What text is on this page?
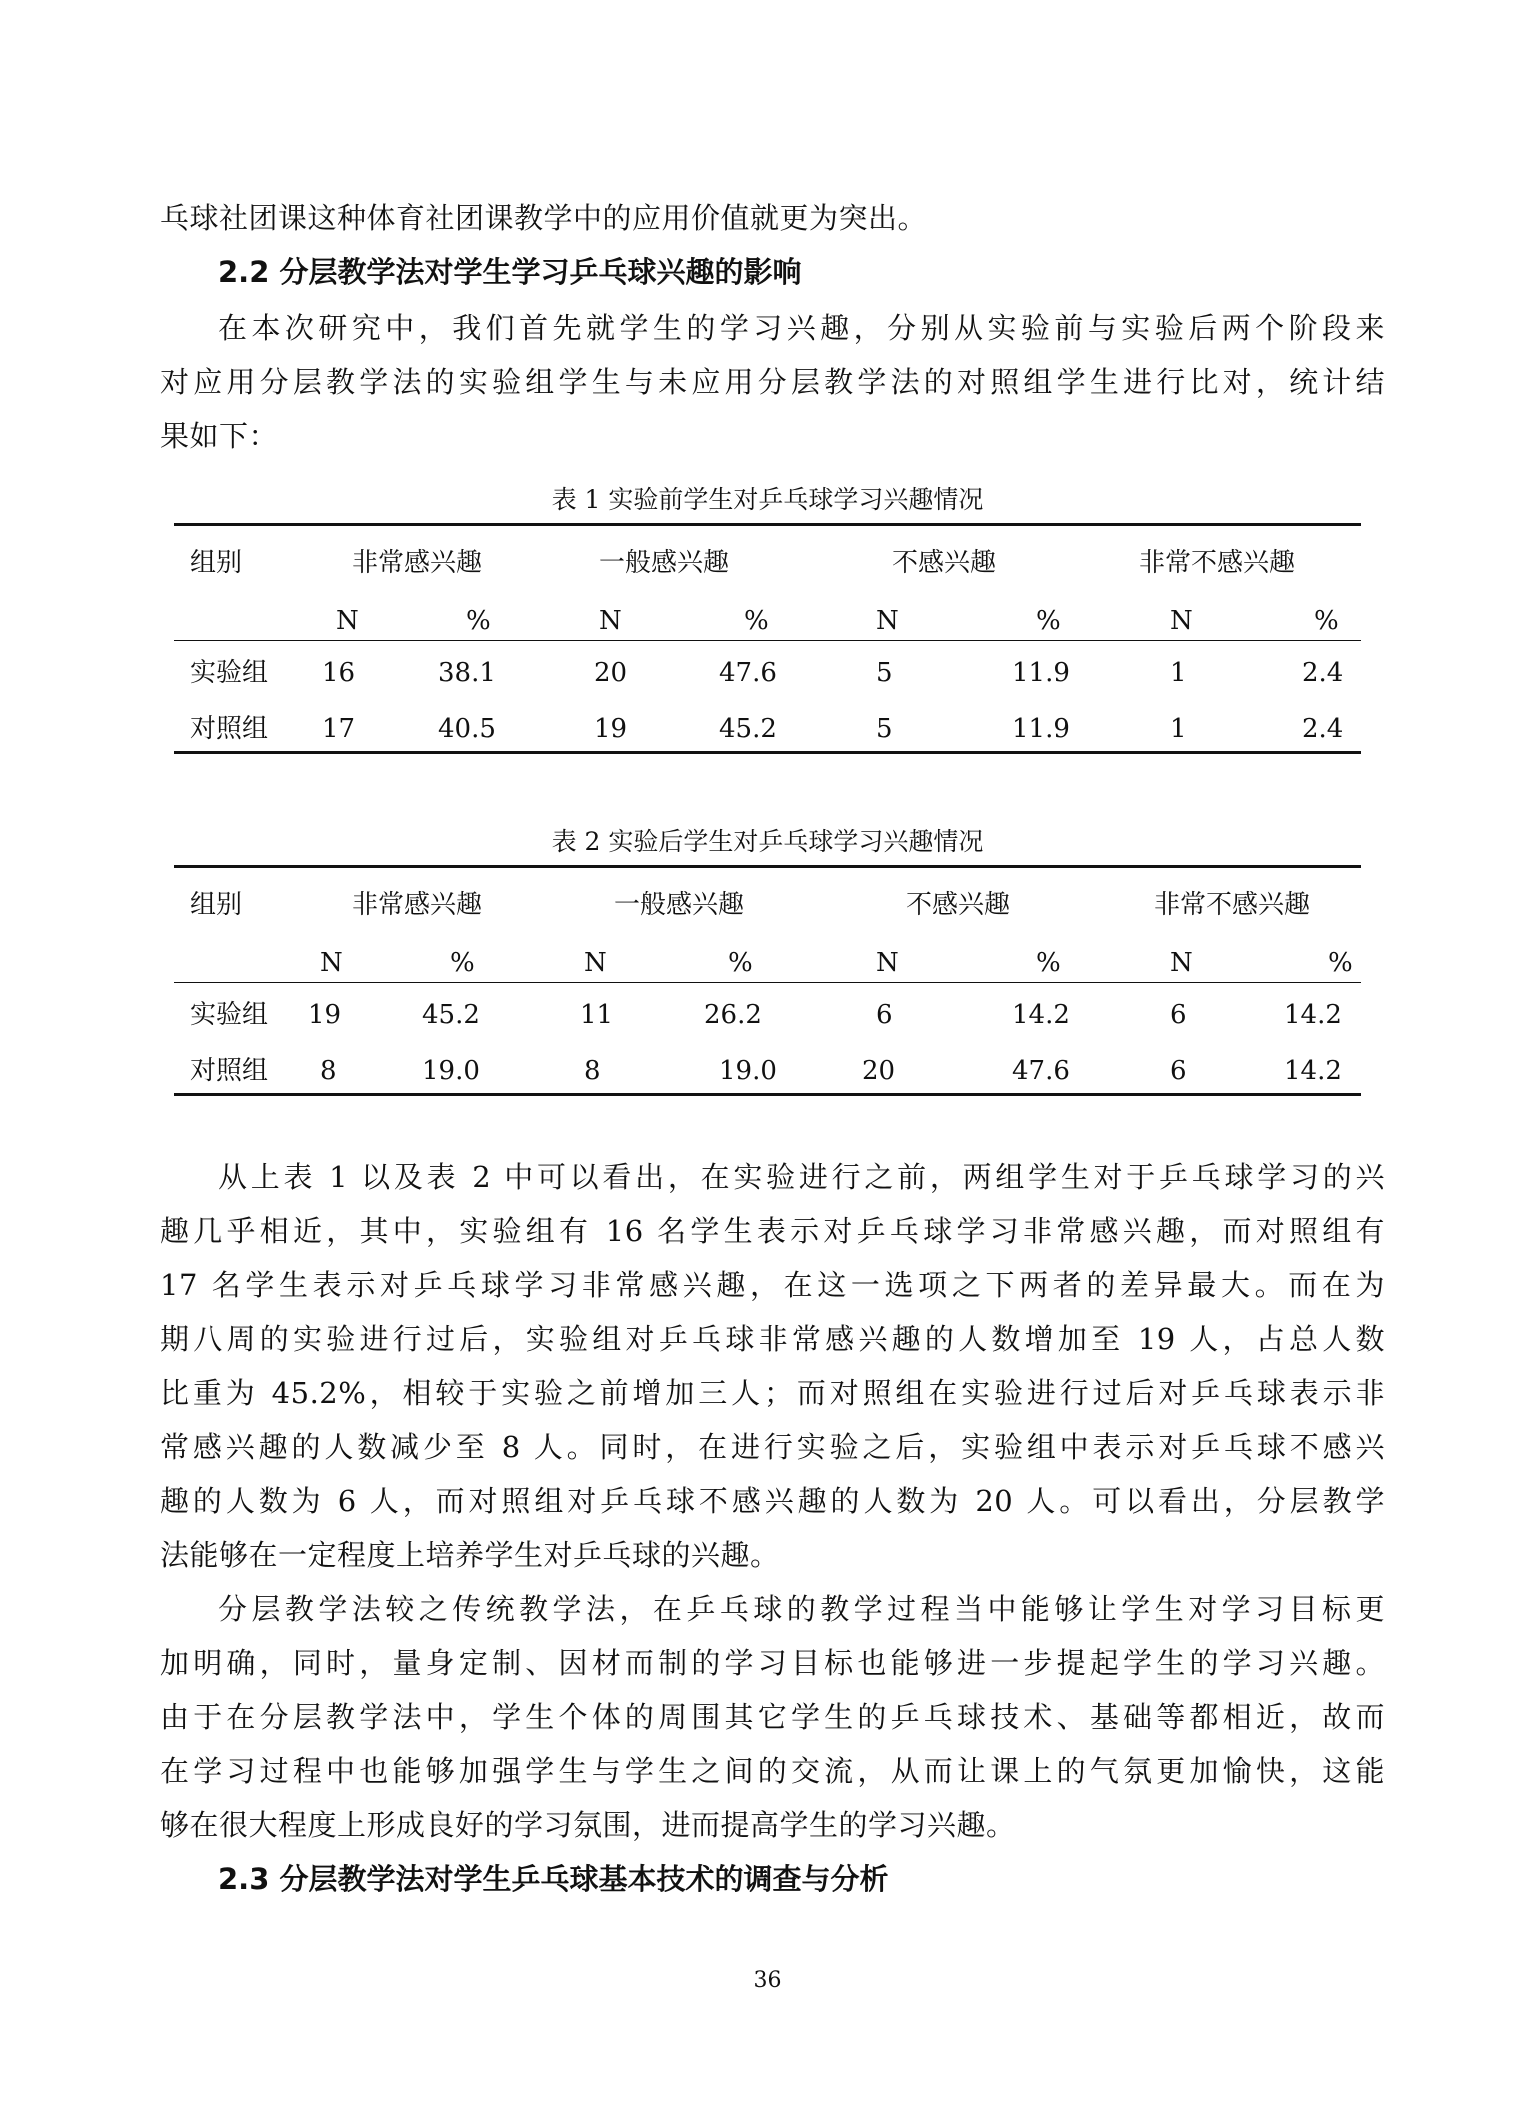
乓球社团课这种体育社团课教学中的应用价值就更为突出。
2.2 分层教学法对学生学习乒乓球兴趣的影响
在本次研究中，我们首先就学生的学习兴趣，分别从实验前与实验后两个阶段来
对应用分层教学法的实验组学生与未应用分层教学法的对照组学生进行比对，统计结
果如下：
表 1 实验前学生对乒乓球学习兴趣情况
组别	非常感兴趣	一般感兴趣	不感兴趣	非常不感兴趣
N	%	N	%	N	%	N	%
实验组 16	38.1	20	47.6	5	11.9	1	2.4
对照组 17	40.5	19	45.2	5	11.9	1	2.4
表 2 实验后学生对乒乓球学习兴趣情况
组别	非常感兴趣	一般感兴趣	不感兴趣	非常不感兴趣
N	%	N	%	N	%	N	%
实验组 19	45.2	11	26.2	6	14.2	6	14.2
对照组 8	19.0	8	19.0	20	47.6	6	14.2
从上表 1 以及表 2 中可以看出，在实验进行之前，两组学生对于乒乓球学习的兴
趣几乎相近，其中，实验组有 16 名学生表示对乒乓球学习非常感兴趣，而对照组有
17 名学生表示对乒乓球学习非常感兴趣，在这一选项之下两者的差异最大。而在为
期八周的实验进行过后，实验组对乒乓球非常感兴趣的人数增加至 19 人，占总人数
比重为 45.2%，相较于实验之前增加三人；而对照组在实验进行过后对乒乓球表示非
常感兴趣的人数减少至 8 人。同时，在进行实验之后，实验组中表示对乒乓球不感兴
趣的人数为 6 人，而对照组对乒乓球不感兴趣的人数为 20 人。可以看出，分层教学
法能够在一定程度上培养学生对乒乓球的兴趣。
分层教学法较之传统教学法，在乒乓球的教学过程当中能够让学生对学习目标更
加明确，同时，量身定制、因材而制的学习目标也能够进一步提起学生的学习兴趣。
由于在分层教学法中，学生个体的周围其它学生的乒乓球技术、基础等都相近，故而
在学习过程中也能够加强学生与学生之间的交流，从而让课上的气氛更加愉快，这能
够在很大程度上形成良好的学习氛围，进而提高学生的学习兴趣。
2.3 分层教学法对学生乒乓球基本技术的调查与分析
36
